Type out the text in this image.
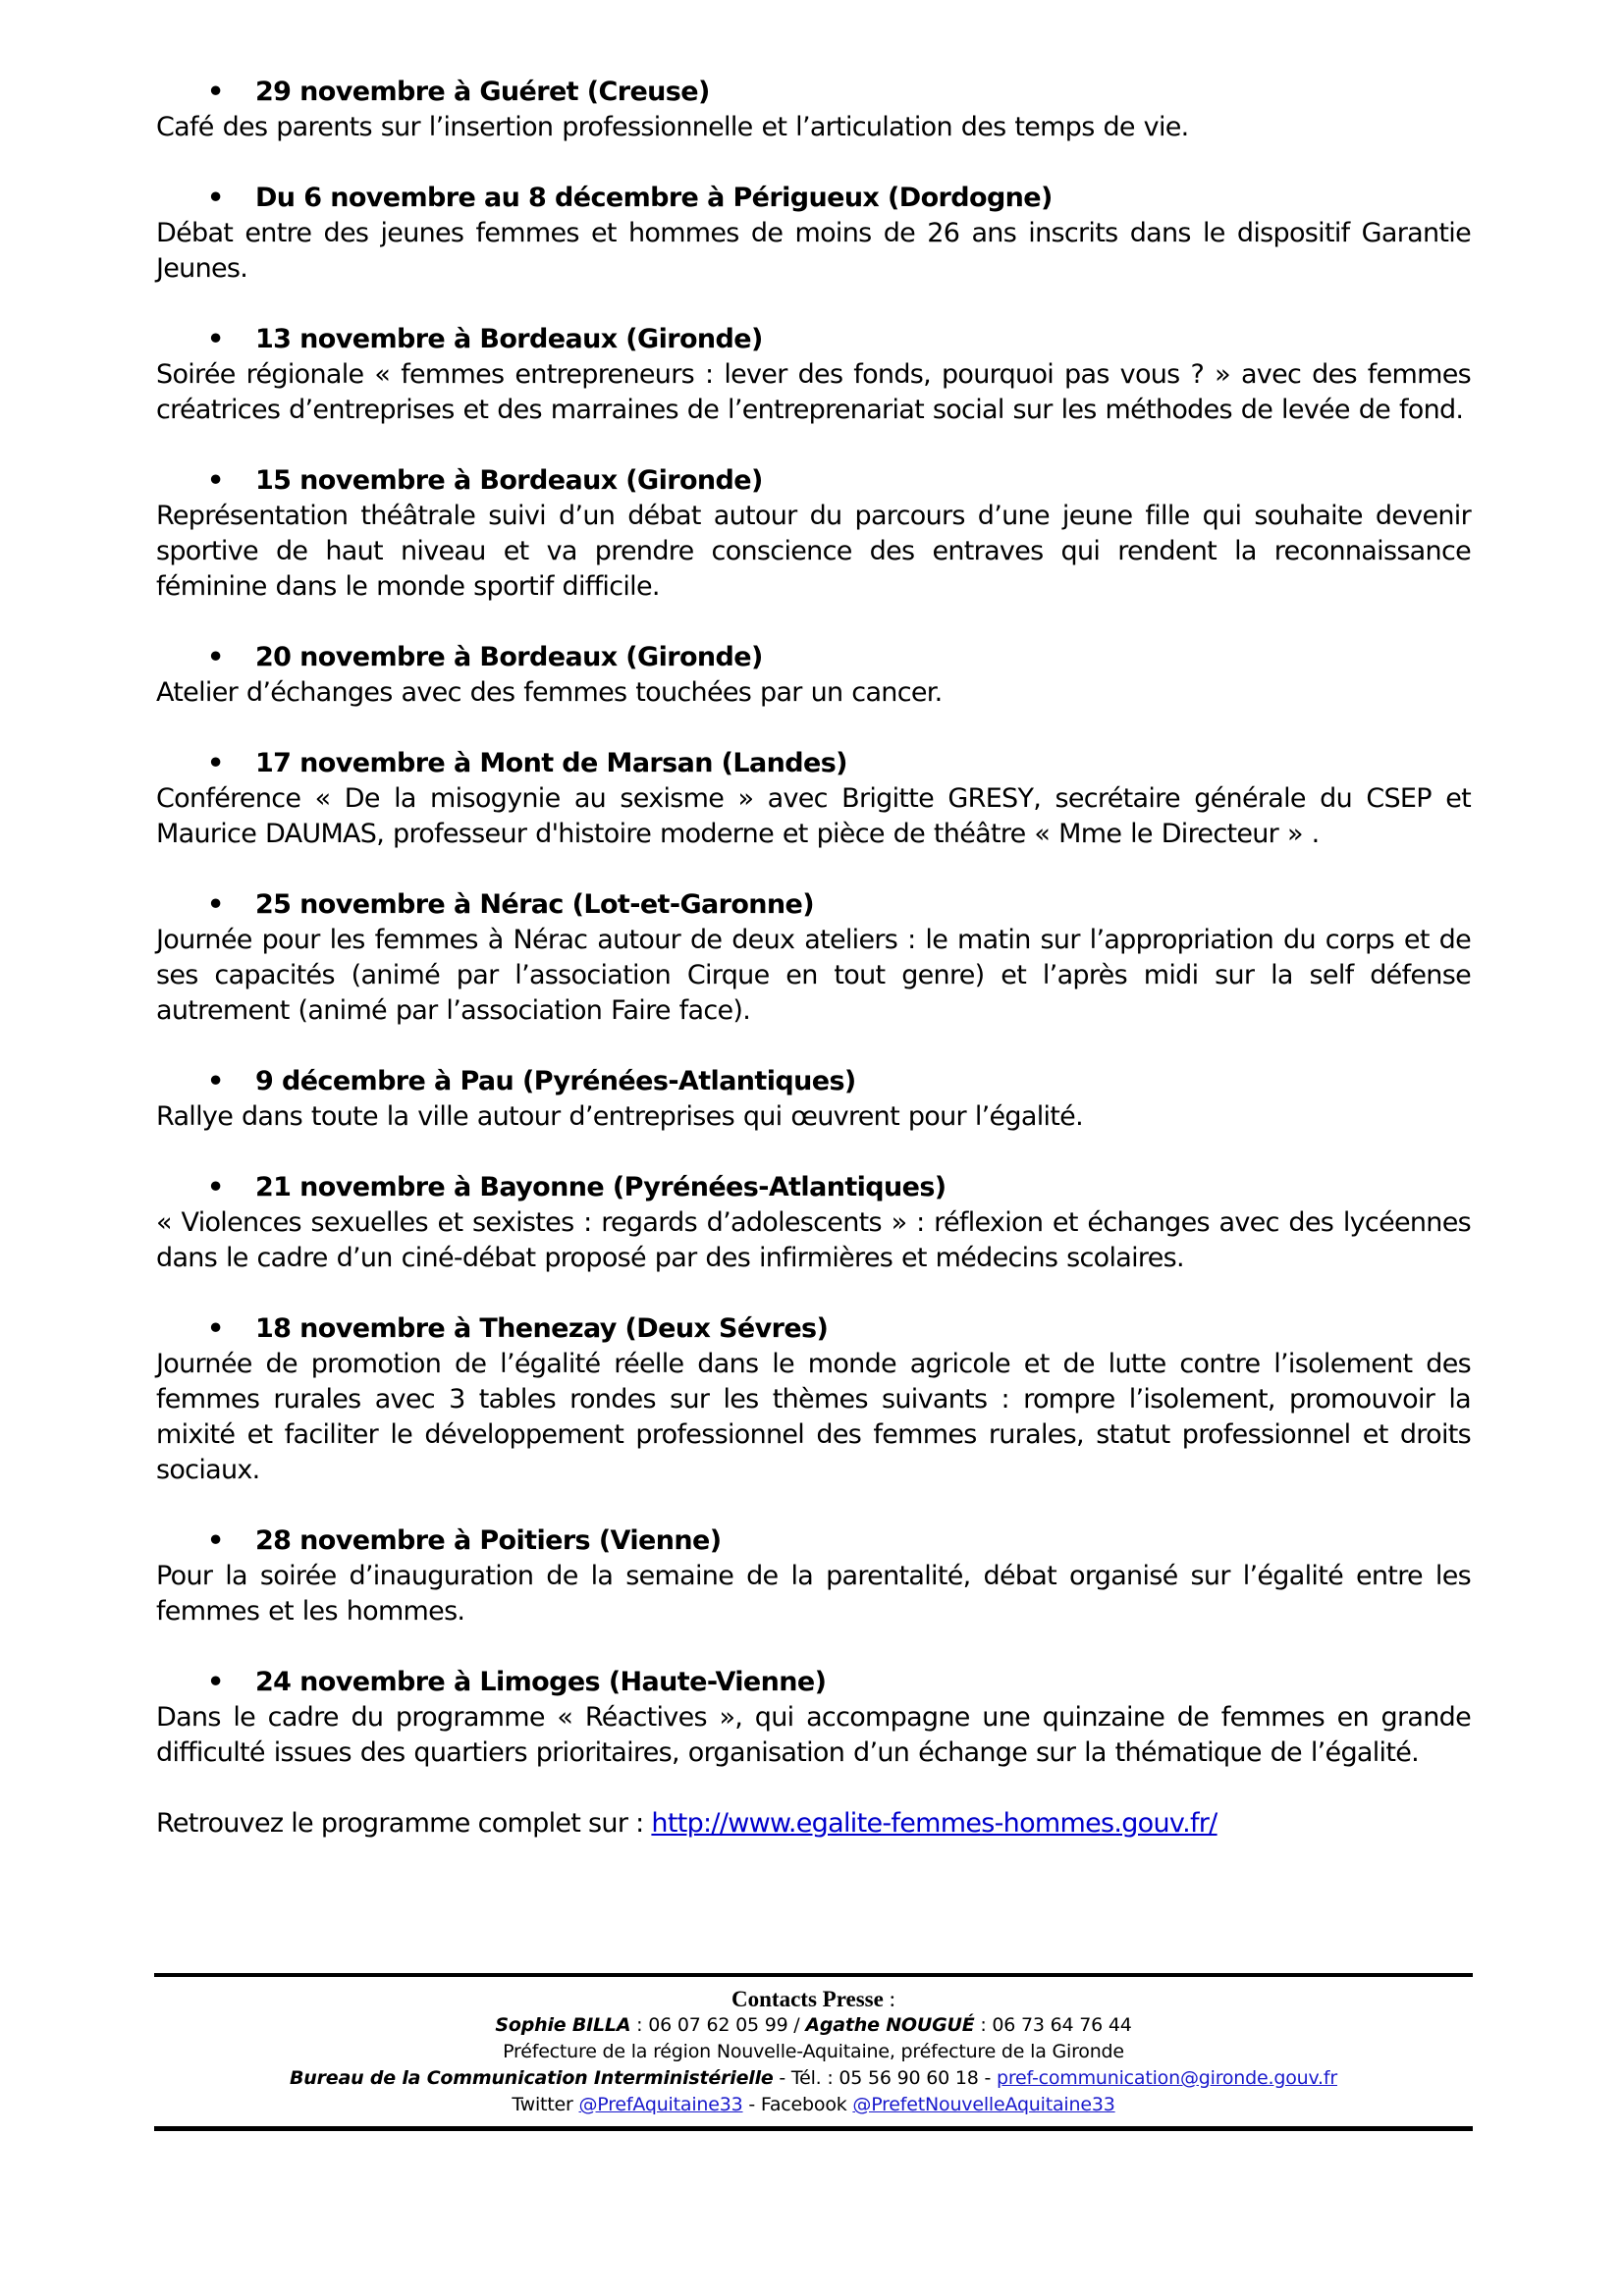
• 29 novembre à Guéret (Creuse)
Café des parents sur l’insertion professionnelle et l’articulation des temps de vie.
• Du 6 novembre au 8 décembre à Périgueux (Dordogne)
Débat entre des jeunes femmes et hommes de moins de 26 ans inscrits dans le dispositif Garantie Jeunes.
• 13 novembre à Bordeaux (Gironde)
Soirée régionale « femmes entrepreneurs : lever des fonds, pourquoi pas vous ? » avec des femmes créatrices d’entreprises et des marraines de l’entreprenariat social sur les méthodes de levée de fond.
• 15 novembre à Bordeaux (Gironde)
Représentation théâtrale suivi d’un débat autour du parcours d’une jeune fille qui souhaite devenir sportive de haut niveau et va prendre conscience des entraves qui rendent la reconnaissance féminine dans le monde sportif difficile.
• 20 novembre à Bordeaux (Gironde)
Atelier d’échanges avec des femmes touchées par un cancer.
• 17 novembre à Mont de Marsan (Landes)
Conférence « De la misogynie au sexisme » avec Brigitte GRESY, secrétaire générale du CSEP et Maurice DAUMAS, professeur d'histoire moderne et pièce de théâtre « Mme le Directeur » .
• 25 novembre à Nérac (Lot-et-Garonne)
Journée pour les femmes à Nérac autour de deux ateliers : le matin sur l’appropriation du corps et de ses capacités (animé par l’association Cirque en tout genre) et l’après midi sur la self défense autrement (animé par l’association Faire face).
• 9 décembre à Pau (Pyrénées-Atlantiques)
Rallye dans toute la ville autour d’entreprises qui œuvrent pour l’égalité.
• 21 novembre à Bayonne (Pyrénées-Atlantiques)
« Violences sexuelles et sexistes : regards d’adolescents » : réflexion et échanges avec des lycéennes dans le cadre d’un ciné-débat proposé par des infirmières et médecins scolaires.
• 18 novembre à Thenezay (Deux Sévres)
Journée de promotion de l’égalité réelle dans le monde agricole et de lutte contre l’isolement des femmes rurales avec 3 tables rondes sur les thèmes suivants : rompre l’isolement, promouvoir la mixité et faciliter le développement professionnel des femmes rurales, statut professionnel et droits sociaux.
• 28 novembre à Poitiers (Vienne)
Pour la soirée d’inauguration de la semaine de la parentalité, débat organisé sur l’égalité entre les femmes et les hommes.
• 24 novembre à Limoges (Haute-Vienne)
Dans le cadre du programme « Réactives », qui accompagne une quinzaine de femmes en grande difficulté issues des quartiers prioritaires, organisation d’un échange sur la thématique de l’égalité.
Retrouvez le programme complet sur : http://www.egalite-femmes-hommes.gouv.fr/
Contacts Presse :
Sophie BILLA : 06 07 62 05 99 / Agathe NOUGUÉ : 06 73 64 76 44
Préfecture de la région Nouvelle-Aquitaine, préfecture de la Gironde
Bureau de la Communication Interministérielle - Tél. : 05 56 90 60 18 - pref-communication@gironde.gouv.fr
Twitter @PrefAquitaine33 - Facebook @PrefetNouvelleAquitaine33
